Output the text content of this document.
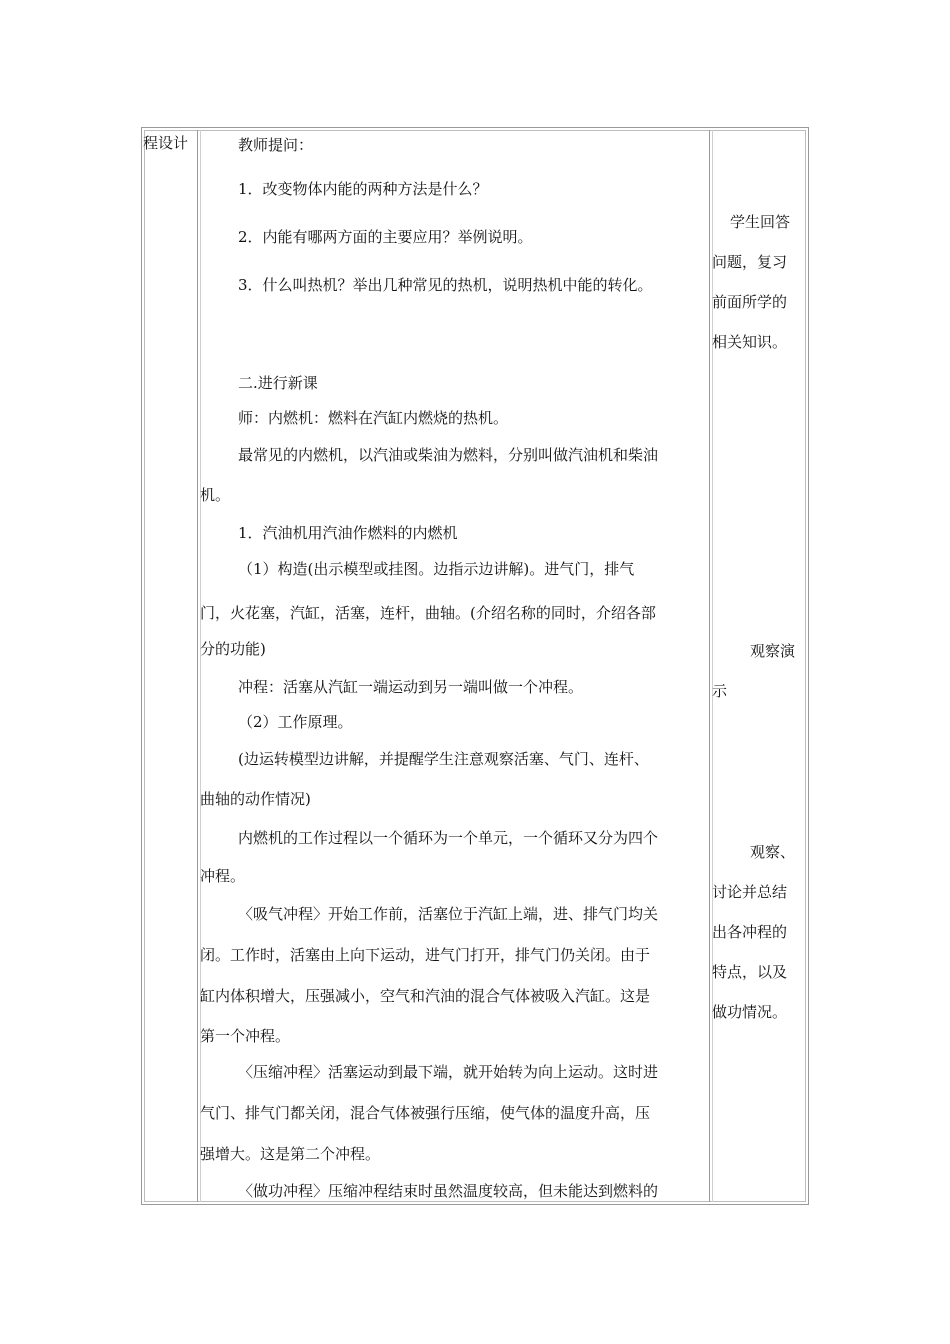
程设计	教师提问：

1．改变物体内能的两种方法是什么？

2．内能有哪两方面的主要应用？举例说明。

3．什么叫热机？举出几种常见的热机，说明热机中能的转化。

二.进行新课

师：内燃机：燃料在汽缸内燃烧的热机。

最常见的内燃机，以汽油或柴油为燃料，分别叫做汽油机和柴油

机。

1．汽油机用汽油作燃料的内燃机

（1）构造(出示模型或挂图。边指示边讲解)。进气门，排气

门，火花塞，汽缸，活塞，连杆，曲轴。(介绍名称的同时，介绍各部

分的功能)

冲程：活塞从汽缸一端运动到另一端叫做一个冲程。

（2）工作原理。

(边运转模型边讲解，并提醒学生注意观察活塞、气门、连杆、

曲轴的动作情况)

内燃机的工作过程以一个循环为一个单元，一个循环又分为四个

冲程。

〈吸气冲程〉开始工作前，活塞位于汽缸上端，进、排气门均关

闭。工作时，活塞由上向下运动，进气门打开，排气门仍关闭。由于

缸内体积增大，压强减小，空气和汽油的混合气体被吸入汽缸。这是

第一个冲程。

〈压缩冲程〉活塞运动到最下端，就开始转为向上运动。这时进

气门、排气门都关闭，混合气体被强行压缩，使气体的温度升高，压

强增大。这是第二个冲程。

〈做功冲程〉压缩冲程结束时虽然温度较高，但未能达到燃料的

学生回答

问题，复习

前面所学的

相关知识。

观察演

示

观察、

讨论并总结

出各冲程的

特点，以及

做功情况。
